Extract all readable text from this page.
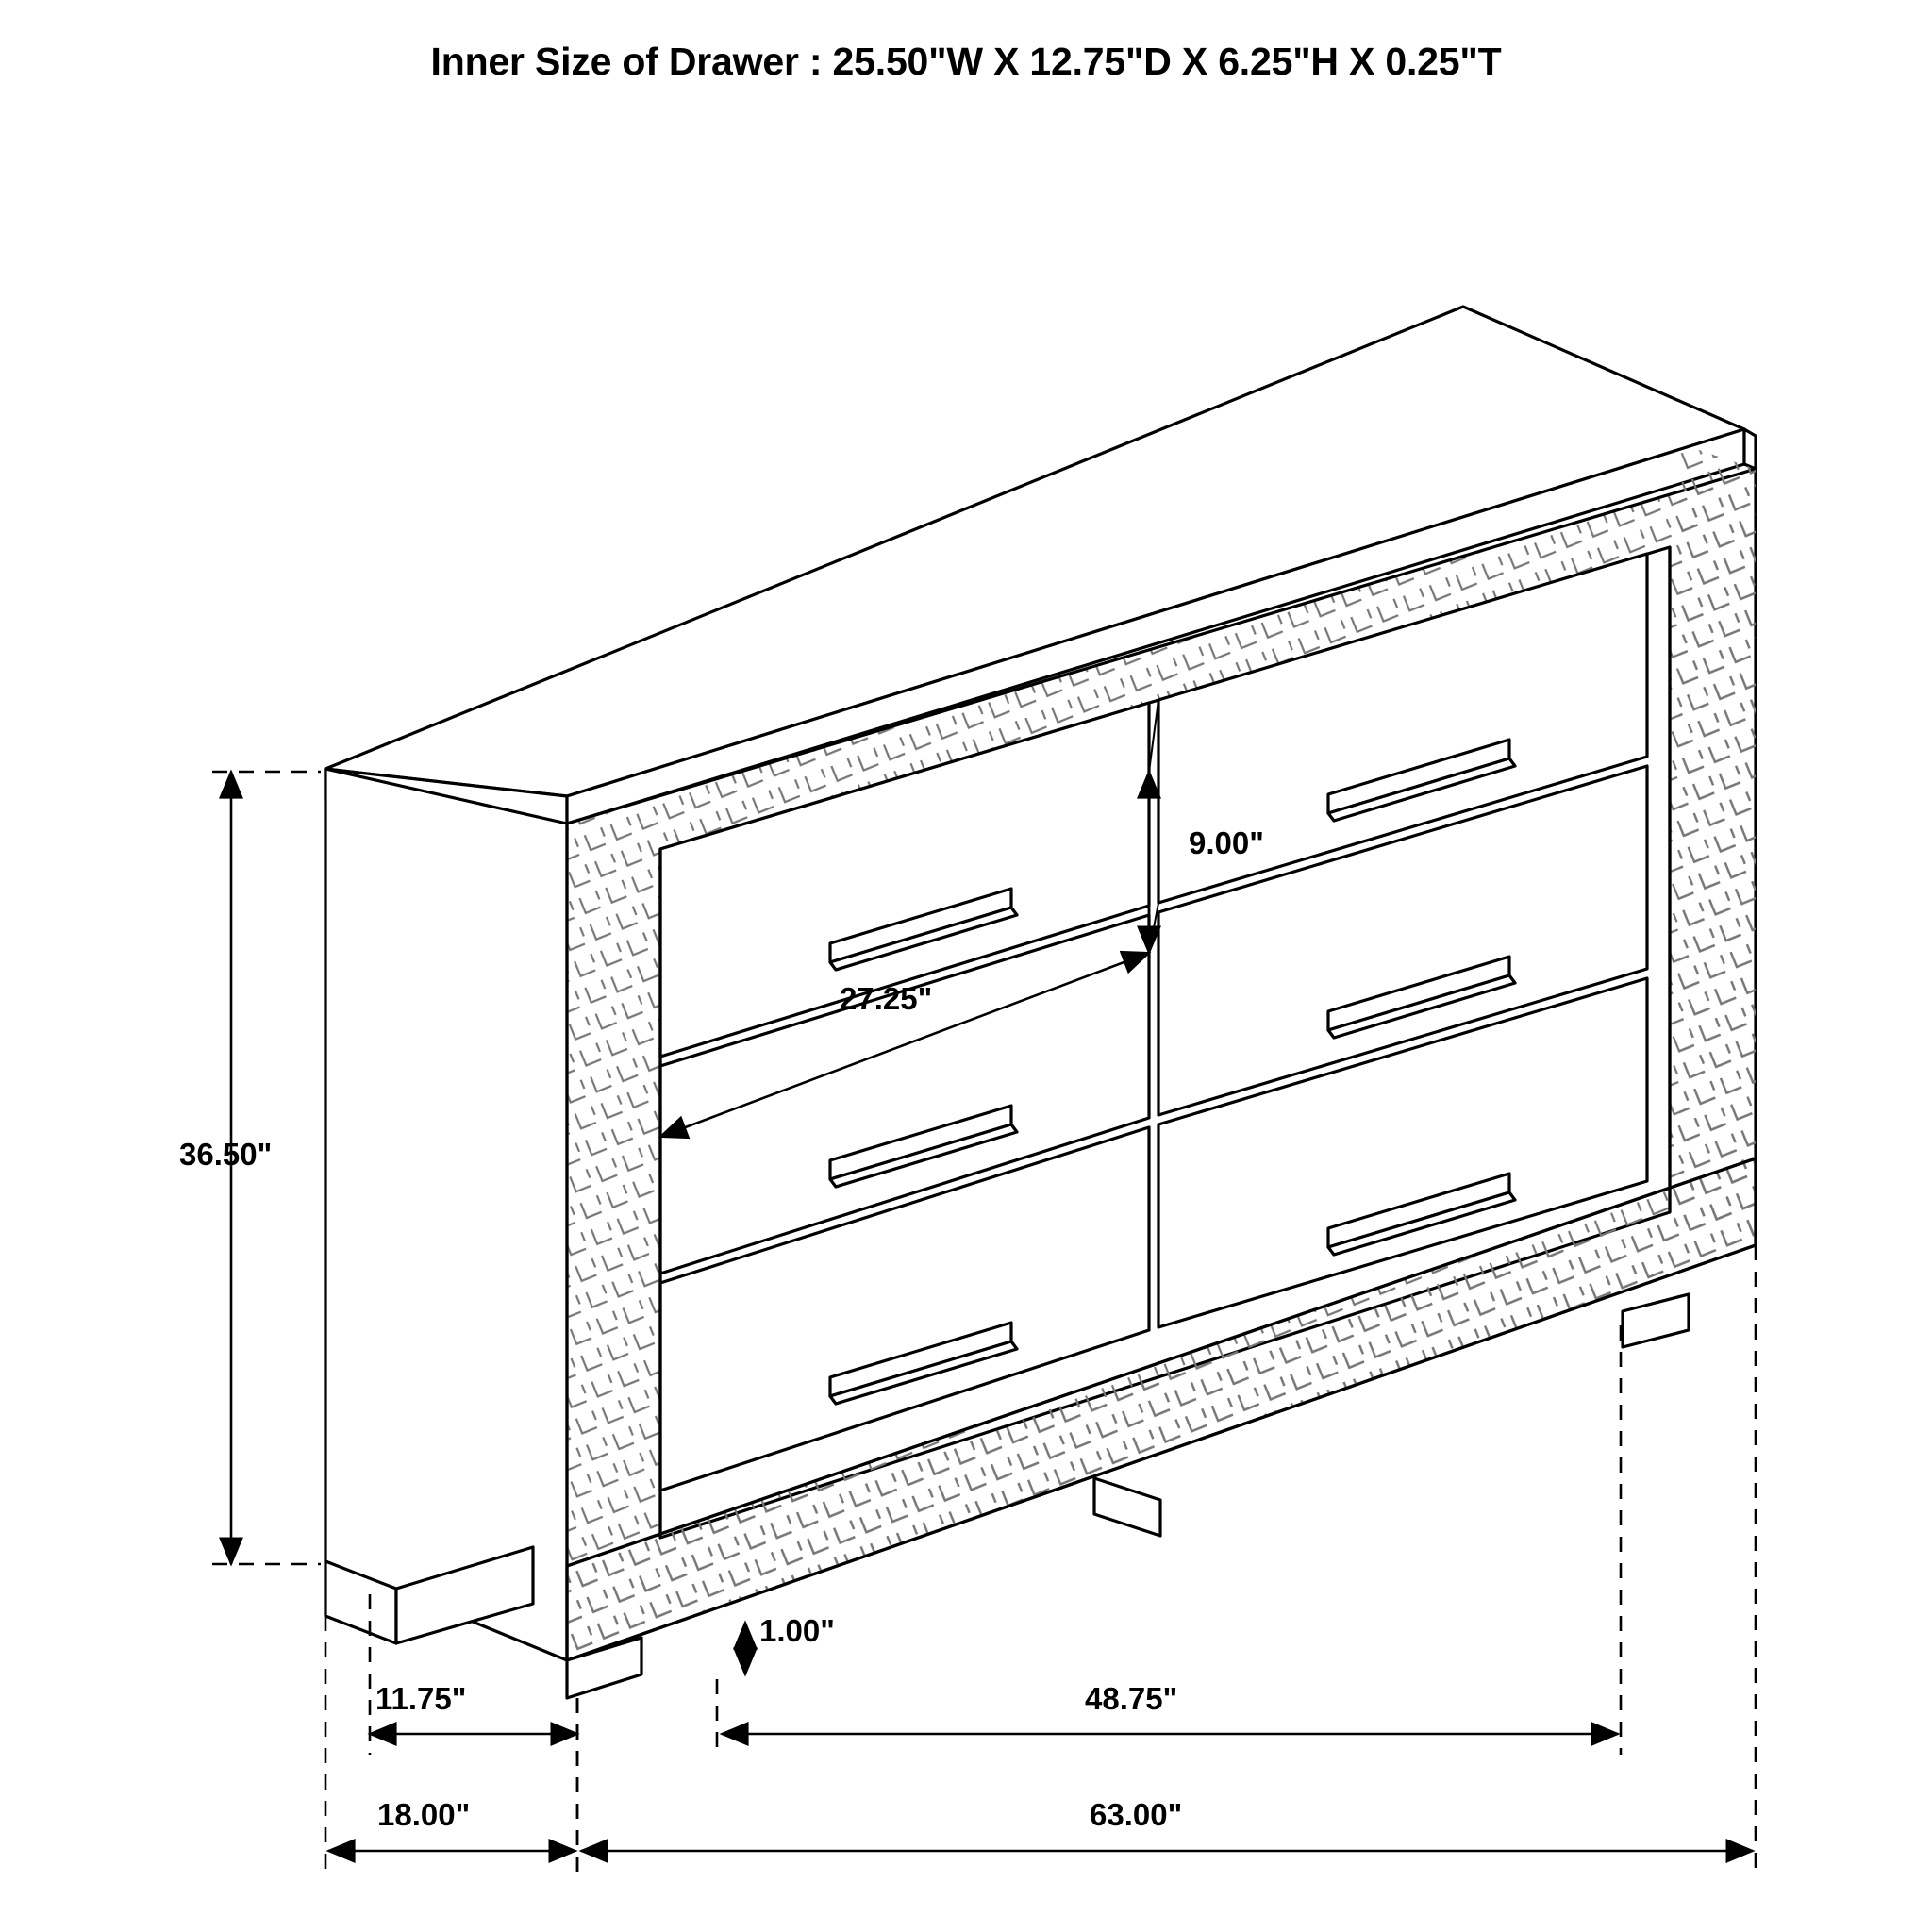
Inner Size of Drawer : 25.50"W X 12.75"D X 6.25"H X 0.25"T
36.50"
9.00"
27.25"
1.00"
11.75"
18.00"
48.75"
63.00"
